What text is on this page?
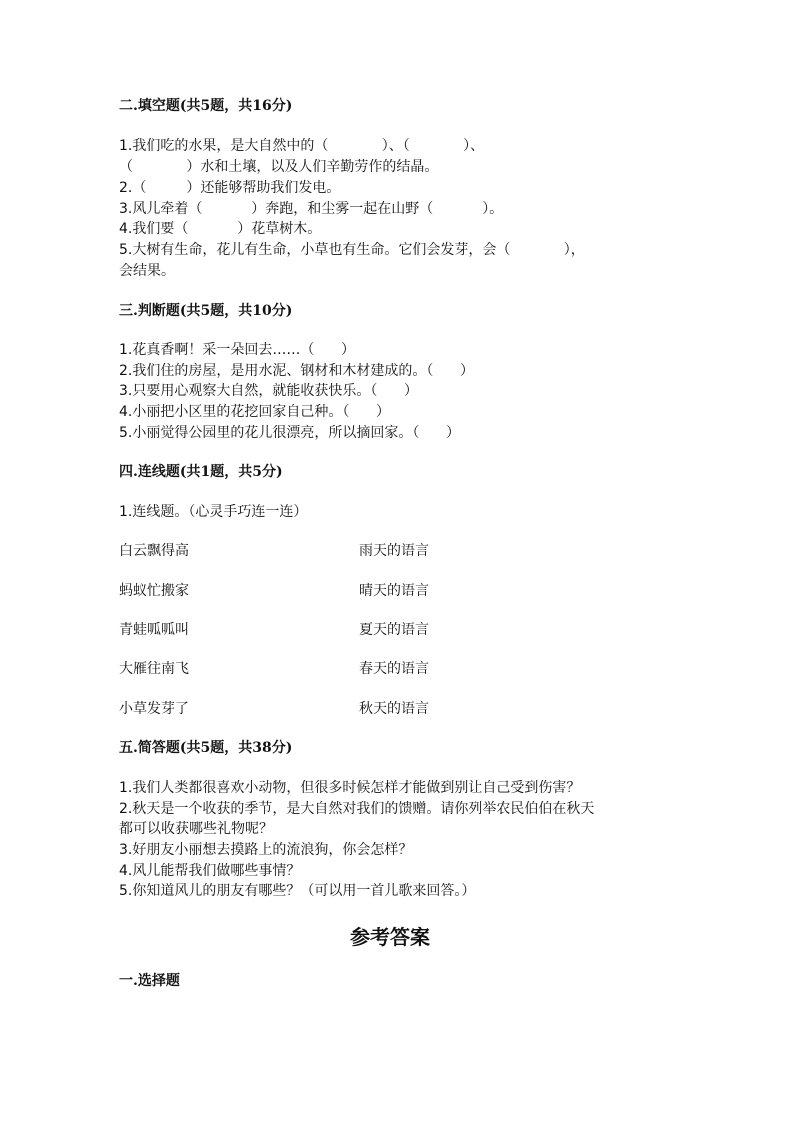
二.填空题(共5题，共16分)
1.我们吃的水果，是大自然中的（            ）、（            ）、
（            ）水和土壤，以及人们辛勤劳作的结晶。
2.（         ）还能够帮助我们发电。
3.风儿牵着（           ）奔跑，和尘雾一起在山野（           ）。
4.我们要（           ）花草树木。
5.大树有生命，花儿有生命，小草也有生命。它们会发芽，会（            ），
会结果。
三.判断题(共5题，共10分)
1.花真香啊！采一朵回去……（      ）
2.我们住的房屋，是用水泥、钢材和木材建成的。（      ）
3.只要用心观察大自然，就能收获快乐。（      ）
4.小丽把小区里的花挖回家自己种。（      ）
5.小丽觉得公园里的花儿很漂亮，所以摘回家。（      ）
四.连线题(共1题，共5分)
1.连线题。（心灵手巧连一连）
白云飘得高	雨天的语言
蚂蚁忙搬家	晴天的语言
青蛙呱呱叫	夏天的语言
大雁往南飞	春天的语言
小草发芽了	秋天的语言
五.简答题(共5题，共38分)
1.我们人类都很喜欢小动物，但很多时候怎样才能做到别让自己受到伤害？
2.秋天是一个收获的季节，是大自然对我们的馈赠。请你列举农民伯伯在秋天
都可以收获哪些礼物呢？
3.好朋友小丽想去摸路上的流浪狗，你会怎样？
4.风儿能帮我们做哪些事情？
5.你知道风儿的朋友有哪些？（可以用一首儿歌来回答。）
参考答案
一.选择题
